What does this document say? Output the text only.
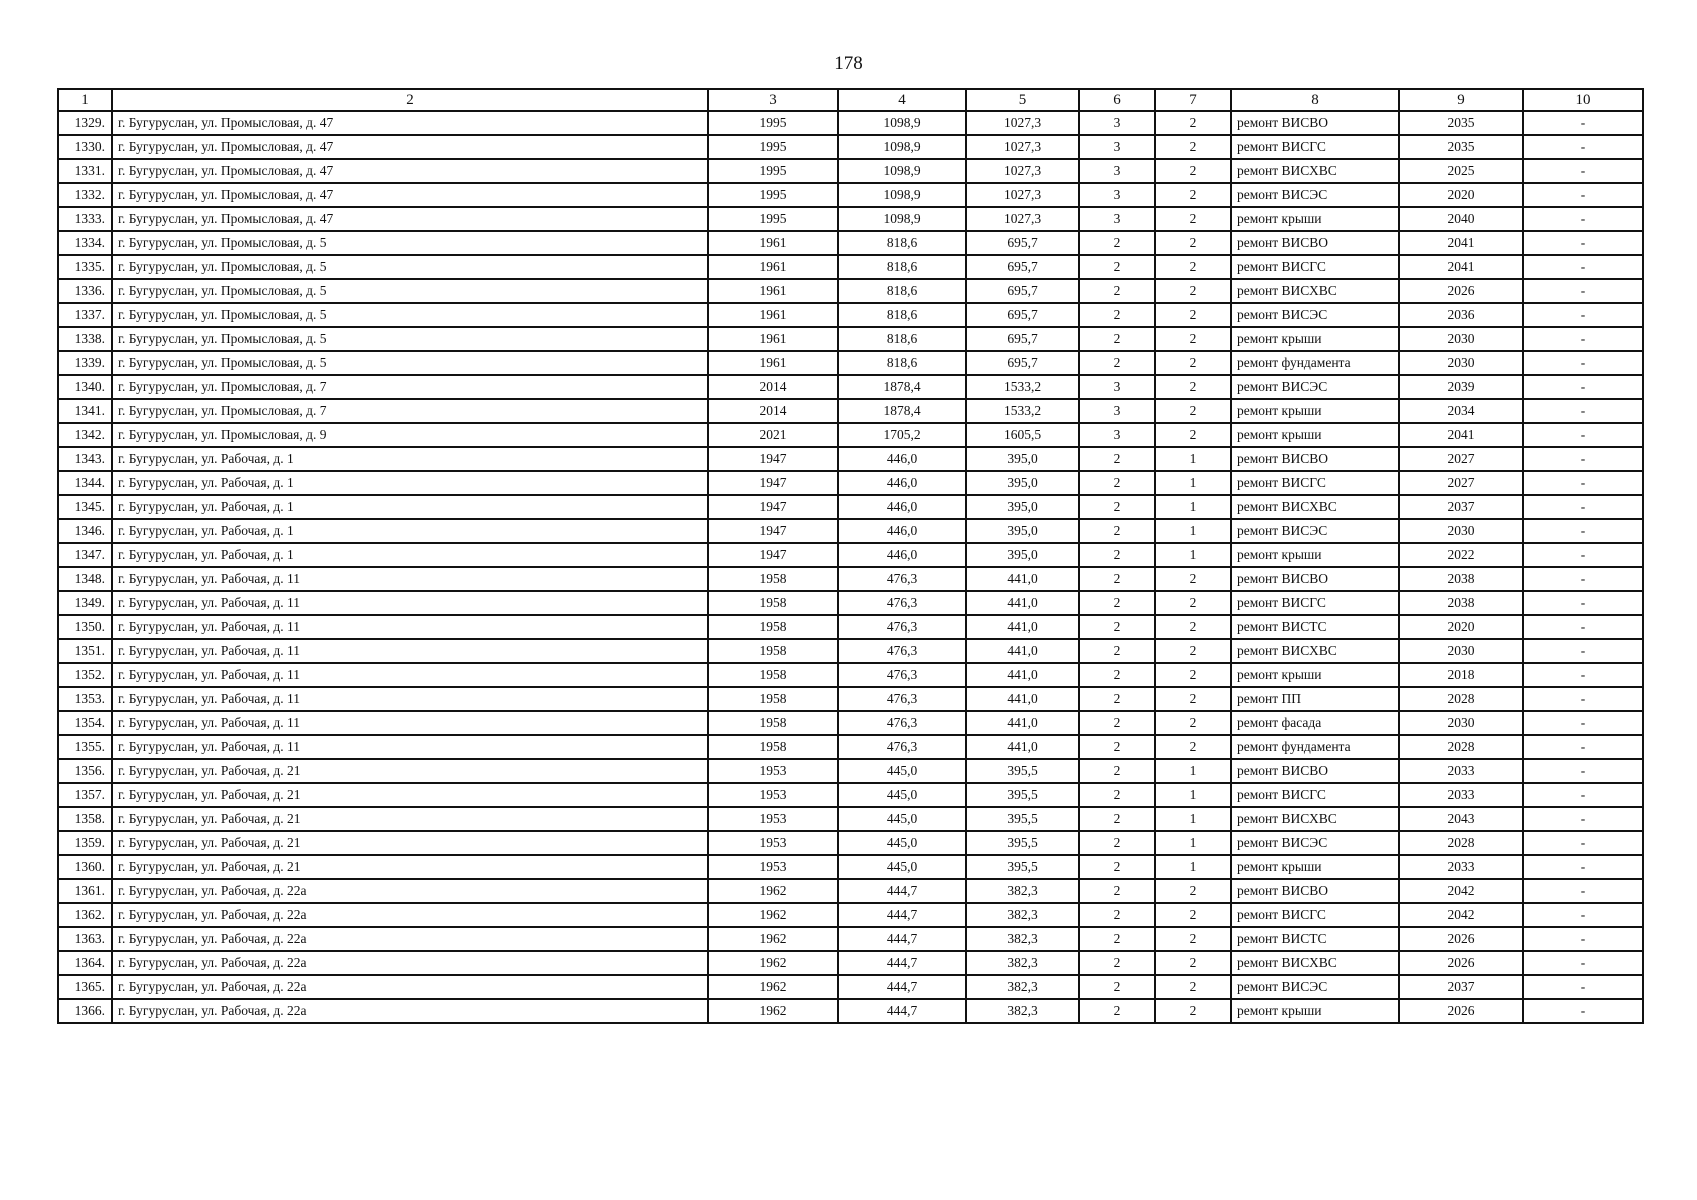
178
1	2	3	4	5	6	7	8	9	10
1329.	г. Бугуруслан, ул. Промысловая, д. 47	1995	1098,9	1027,3	3	2	ремонт ВИСВО	2035	-
1330.	г. Бугуруслан, ул. Промысловая, д. 47	1995	1098,9	1027,3	3	2	ремонт ВИСГС	2035	-
1331.	г. Бугуруслан, ул. Промысловая, д. 47	1995	1098,9	1027,3	3	2	ремонт ВИСХВС	2025	-
1332.	г. Бугуруслан, ул. Промысловая, д. 47	1995	1098,9	1027,3	3	2	ремонт ВИСЭС	2020	-
1333.	г. Бугуруслан, ул. Промысловая, д. 47	1995	1098,9	1027,3	3	2	ремонт крыши	2040	-
1334.	г. Бугуруслан, ул. Промысловая, д. 5	1961	818,6	695,7	2	2	ремонт ВИСВО	2041	-
1335.	г. Бугуруслан, ул. Промысловая, д. 5	1961	818,6	695,7	2	2	ремонт ВИСГС	2041	-
1336.	г. Бугуруслан, ул. Промысловая, д. 5	1961	818,6	695,7	2	2	ремонт ВИСХВС	2026	-
1337.	г. Бугуруслан, ул. Промысловая, д. 5	1961	818,6	695,7	2	2	ремонт ВИСЭС	2036	-
1338.	г. Бугуруслан, ул. Промысловая, д. 5	1961	818,6	695,7	2	2	ремонт крыши	2030	-
1339.	г. Бугуруслан, ул. Промысловая, д. 5	1961	818,6	695,7	2	2	ремонт фундамента	2030	-
1340.	г. Бугуруслан, ул. Промысловая, д. 7	2014	1878,4	1533,2	3	2	ремонт ВИСЭС	2039	-
1341.	г. Бугуруслан, ул. Промысловая, д. 7	2014	1878,4	1533,2	3	2	ремонт крыши	2034	-
1342.	г. Бугуруслан, ул. Промысловая, д. 9	2021	1705,2	1605,5	3	2	ремонт крыши	2041	-
1343.	г. Бугуруслан, ул. Рабочая, д. 1	1947	446,0	395,0	2	1	ремонт ВИСВО	2027	-
1344.	г. Бугуруслан, ул. Рабочая, д. 1	1947	446,0	395,0	2	1	ремонт ВИСГС	2027	-
1345.	г. Бугуруслан, ул. Рабочая, д. 1	1947	446,0	395,0	2	1	ремонт ВИСХВС	2037	-
1346.	г. Бугуруслан, ул. Рабочая, д. 1	1947	446,0	395,0	2	1	ремонт ВИСЭС	2030	-
1347.	г. Бугуруслан, ул. Рабочая, д. 1	1947	446,0	395,0	2	1	ремонт крыши	2022	-
1348.	г. Бугуруслан, ул. Рабочая, д. 11	1958	476,3	441,0	2	2	ремонт ВИСВО	2038	-
1349.	г. Бугуруслан, ул. Рабочая, д. 11	1958	476,3	441,0	2	2	ремонт ВИСГС	2038	-
1350.	г. Бугуруслан, ул. Рабочая, д. 11	1958	476,3	441,0	2	2	ремонт ВИСТС	2020	-
1351.	г. Бугуруслан, ул. Рабочая, д. 11	1958	476,3	441,0	2	2	ремонт ВИСХВС	2030	-
1352.	г. Бугуруслан, ул. Рабочая, д. 11	1958	476,3	441,0	2	2	ремонт крыши	2018	-
1353.	г. Бугуруслан, ул. Рабочая, д. 11	1958	476,3	441,0	2	2	ремонт ПП	2028	-
1354.	г. Бугуруслан, ул. Рабочая, д. 11	1958	476,3	441,0	2	2	ремонт фасада	2030	-
1355.	г. Бугуруслан, ул. Рабочая, д. 11	1958	476,3	441,0	2	2	ремонт фундамента	2028	-
1356.	г. Бугуруслан, ул. Рабочая, д. 21	1953	445,0	395,5	2	1	ремонт ВИСВО	2033	-
1357.	г. Бугуруслан, ул. Рабочая, д. 21	1953	445,0	395,5	2	1	ремонт ВИСГС	2033	-
1358.	г. Бугуруслан, ул. Рабочая, д. 21	1953	445,0	395,5	2	1	ремонт ВИСХВС	2043	-
1359.	г. Бугуруслан, ул. Рабочая, д. 21	1953	445,0	395,5	2	1	ремонт ВИСЭС	2028	-
1360.	г. Бугуруслан, ул. Рабочая, д. 21	1953	445,0	395,5	2	1	ремонт крыши	2033	-
1361.	г. Бугуруслан, ул. Рабочая, д. 22а	1962	444,7	382,3	2	2	ремонт ВИСВО	2042	-
1362.	г. Бугуруслан, ул. Рабочая, д. 22а	1962	444,7	382,3	2	2	ремонт ВИСГС	2042	-
1363.	г. Бугуруслан, ул. Рабочая, д. 22а	1962	444,7	382,3	2	2	ремонт ВИСТС	2026	-
1364.	г. Бугуруслан, ул. Рабочая, д. 22а	1962	444,7	382,3	2	2	ремонт ВИСХВС	2026	-
1365.	г. Бугуруслан, ул. Рабочая, д. 22а	1962	444,7	382,3	2	2	ремонт ВИСЭС	2037	-
1366.	г. Бугуруслан, ул. Рабочая, д. 22а	1962	444,7	382,3	2	2	ремонт крыши	2026	-
